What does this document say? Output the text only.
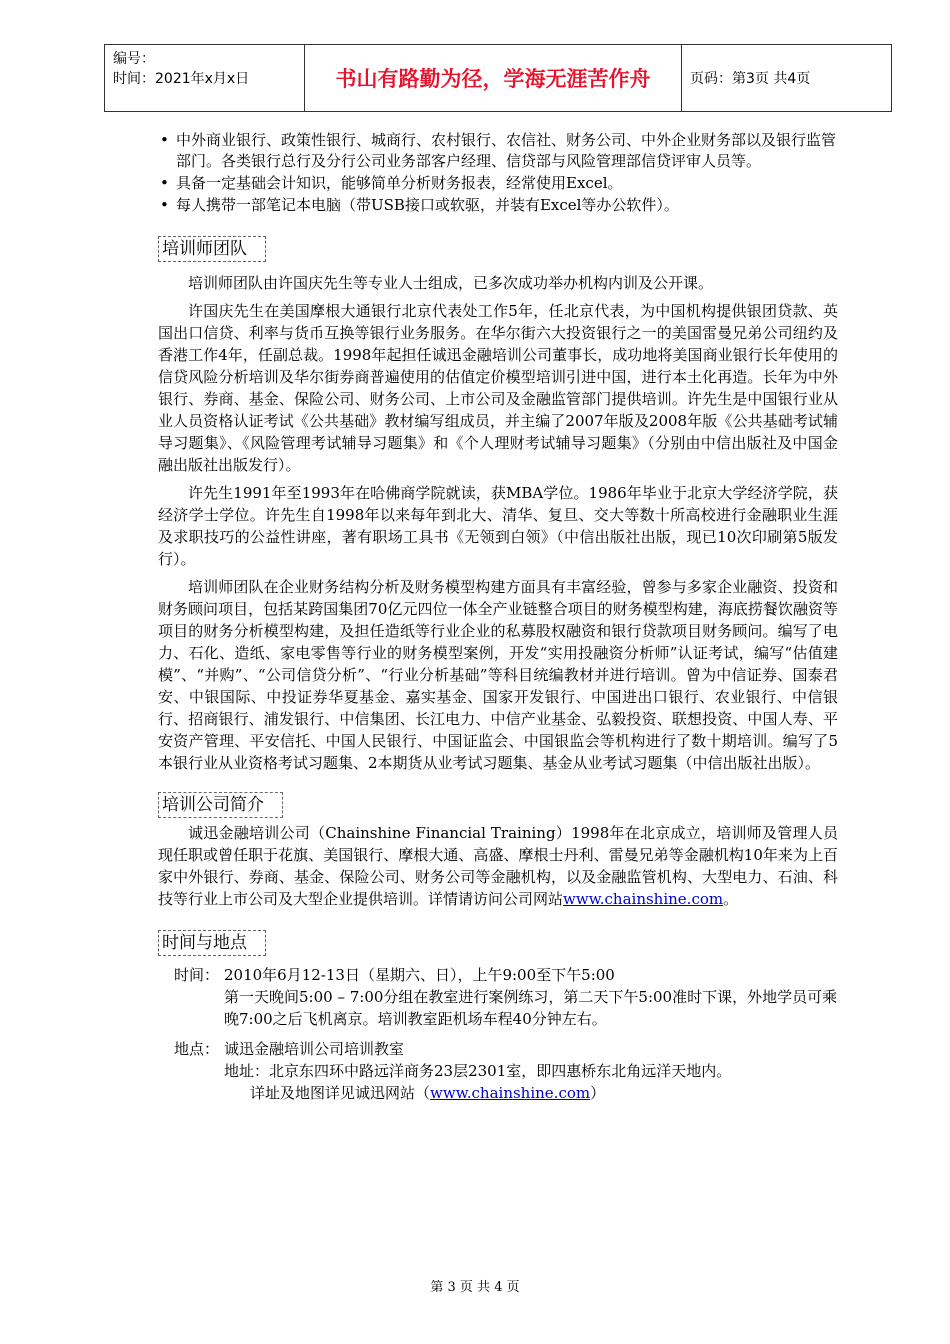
编号：
时间：2021年x月x日	书山有路勤为径，学海无涯苦作舟	页码：第3页 共4页
• 中外商业银行、政策性银行、城商行、农村银行、农信社、财务公司、中外企业财务部以及银行监管部门。各类银行总行及分行公司业务部客户经理、信贷部与风险管理部信贷评审人员等。
• 具备一定基础会计知识，能够简单分析财务报表，经常使用Excel。
• 每人携带一部笔记本电脑（带USB接口或软驱，并装有Excel等办公软件）。
培训师团队

培训师团队由许国庆先生等专业人士组成，已多次成功举办机构内训及公开课。

许国庆先生在美国摩根大通银行北京代表处工作5年，任北京代表，为中国机构提供银团贷款、英国出口信贷、利率与货币互换等银行业务服务。在华尔街六大投资银行之一的美国雷曼兄弟公司纽约及香港工作4年，任副总裁。1998年起担任诚迅金融培训公司董事长，成功地将美国商业银行长年使用的信贷风险分析培训及华尔街券商普遍使用的估值定价模型培训引进中国，进行本土化再造。长年为中外银行、券商、基金、保险公司、财务公司、上市公司及金融监管部门提供培训。许先生是中国银行业从业人员资格认证考试《公共基础》教材编写组成员，并主编了2007年版及2008年版《公共基础考试辅导习题集》、《风险管理考试辅导习题集》和《个人理财考试辅导习题集》（分别由中信出版社及中国金融出版社出版发行）。

许先生1991年至1993年在哈佛商学院就读，获MBA学位。1986年毕业于北京大学经济学院，获经济学士学位。许先生自1998年以来每年到北大、清华、复旦、交大等数十所高校进行金融职业生涯及求职技巧的公益性讲座，著有职场工具书《无领到白领》（中信出版社出版，现已10次印刷第5版发行）。

培训师团队在企业财务结构分析及财务模型构建方面具有丰富经验，曾参与多家企业融资、投资和财务顾问项目，包括某跨国集团70亿元四位一体全产业链整合项目的财务模型构建，海底捞餐饮融资等项目的财务分析模型构建，及担任造纸等行业企业的私募股权融资和银行贷款项目财务顾问。编写了电力、石化、造纸、家电零售等行业的财务模型案例，开发“实用投融资分析师”认证考试，编写“估值建模”、“并购”、“公司信贷分析”、“行业分析基础”等科目统编教材并进行培训。曾为中信证券、国泰君安、中银国际、中投证券华夏基金、嘉实基金、国家开发银行、中国进出口银行、农业银行、中信银行、招商银行、浦发银行、中信集团、长江电力、中信产业基金、弘毅投资、联想投资、中国人寿、平安资产管理、平安信托、中国人民银行、中国证监会、中国银监会等机构进行了数十期培训。编写了5本银行业从业资格考试习题集、2本期货从业考试习题集、基金从业考试习题集（中信出版社出版）。

培训公司简介

诚迅金融培训公司（Chainshine Financial Training）1998年在北京成立，培训师及管理人员现任职或曾任职于花旗、美国银行、摩根大通、高盛、摩根士丹利、雷曼兄弟等金融机构10年来为上百家中外银行、券商、基金、保险公司、财务公司等金融机构，以及金融监管机构、大型电力、石油、科技等行业上市公司及大型企业提供培训。详情请访问公司网站www.chainshine.com。

时间与地点
时间： 2010年6月12-13日（星期六、日），上午9:00至下午5:00
第一天晚间5:00 – 7:00分组在教室进行案例练习，第二天下午5:00准时下课，外地学员可乘晚7:00之后飞机离京。培训教室距机场车程40分钟左右。
地点： 诚迅金融培训公司培训教室
地址：北京东四环中路远洋商务23层2301室，即四惠桥东北角远洋天地内。
详址及地图详见诚迅网站（www.chainshine.com）
第 3 页 共 4 页
